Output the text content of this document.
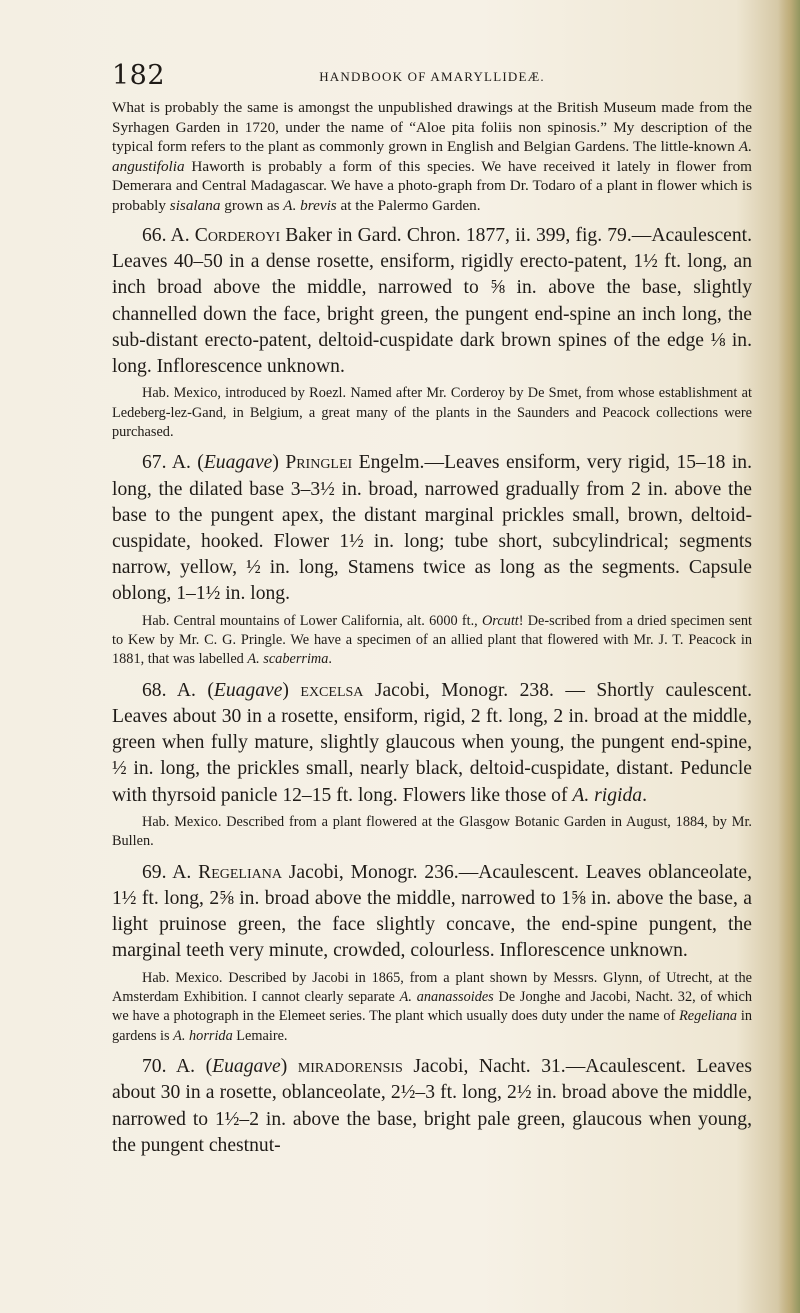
182	HANDBOOK OF AMARYLLIDEÆ.

What is probably the same is amongst the unpublished drawings at the British Museum made from the Syrhagen Garden in 1720, under the name of “Aloe pita foliis non spinosis.” My description of the typical form refers to the plant as commonly grown in English and Belgian Gardens. The little-known A. angustifolia Haworth is probably a form of this species. We have received it lately in flower from Demerara and Central Madagascar. We have a photo-graph from Dr. Todaro of a plant in flower which is probably sisalana grown as A. brevis at the Palermo Garden.

66. A. Corderoyi Baker in Gard. Chron. 1877, ii. 399, fig. 79.—Acaulescent. Leaves 40–50 in a dense rosette, ensiform, rigidly erecto-patent, 1½ ft. long, an inch broad above the middle, narrowed to ⅝ in. above the base, slightly channelled down the face, bright green, the pungent end-spine an inch long, the sub-distant erecto-patent, deltoid-cuspidate dark brown spines of the edge ⅛ in. long. Inflorescence unknown.

Hab. Mexico, introduced by Roezl. Named after Mr. Corderoy by De Smet, from whose establishment at Ledeberg-lez-Gand, in Belgium, a great many of the plants in the Saunders and Peacock collections were purchased.

67. A. (Euagave) Pringlei Engelm.—Leaves ensiform, very rigid, 15–18 in. long, the dilated base 3–3½ in. broad, narrowed gradually from 2 in. above the base to the pungent apex, the distant marginal prickles small, brown, deltoid-cuspidate, hooked. Flower 1½ in. long; tube short, subcylindrical; segments narrow, yellow, ½ in. long, Stamens twice as long as the segments. Capsule oblong, 1–1½ in. long.

Hab. Central mountains of Lower California, alt. 6000 ft., Orcutt! De-scribed from a dried specimen sent to Kew by Mr. C. G. Pringle. We have a specimen of an allied plant that flowered with Mr. J. T. Peacock in 1881, that was labelled A. scaberrima.

68. A. (Euagave) excelsa Jacobi, Monogr. 238. — Shortly caulescent. Leaves about 30 in a rosette, ensiform, rigid, 2 ft. long, 2 in. broad at the middle, green when fully mature, slightly glaucous when young, the pungent end-spine, ½ in. long, the prickles small, nearly black, deltoid-cuspidate, distant. Peduncle with thyrsoid panicle 12–15 ft. long. Flowers like those of A. rigida.

Hab. Mexico. Described from a plant flowered at the Glasgow Botanic Garden in August, 1884, by Mr. Bullen.

69. A. Regeliana Jacobi, Monogr. 236.—Acaulescent. Leaves oblanceolate, 1½ ft. long, 2⅝ in. broad above the middle, narrowed to 1⅝ in. above the base, a light pruinose green, the face slightly concave, the end-spine pungent, the marginal teeth very minute, crowded, colourless. Inflorescence unknown.

Hab. Mexico. Described by Jacobi in 1865, from a plant shown by Messrs. Glynn, of Utrecht, at the Amsterdam Exhibition. I cannot clearly separate A. ananassoides De Jonghe and Jacobi, Nacht. 32, of which we have a photograph in the Elemeet series. The plant which usually does duty under the name of Regeliana in gardens is A. horrida Lemaire.

70. A. (Euagave) miradorensis Jacobi, Nacht. 31.—Acaulescent. Leaves about 30 in a rosette, oblanceolate, 2½–3 ft. long, 2½ in. broad above the middle, narrowed to 1½–2 in. above the base, bright pale green, glaucous when young, the pungent chestnut-
